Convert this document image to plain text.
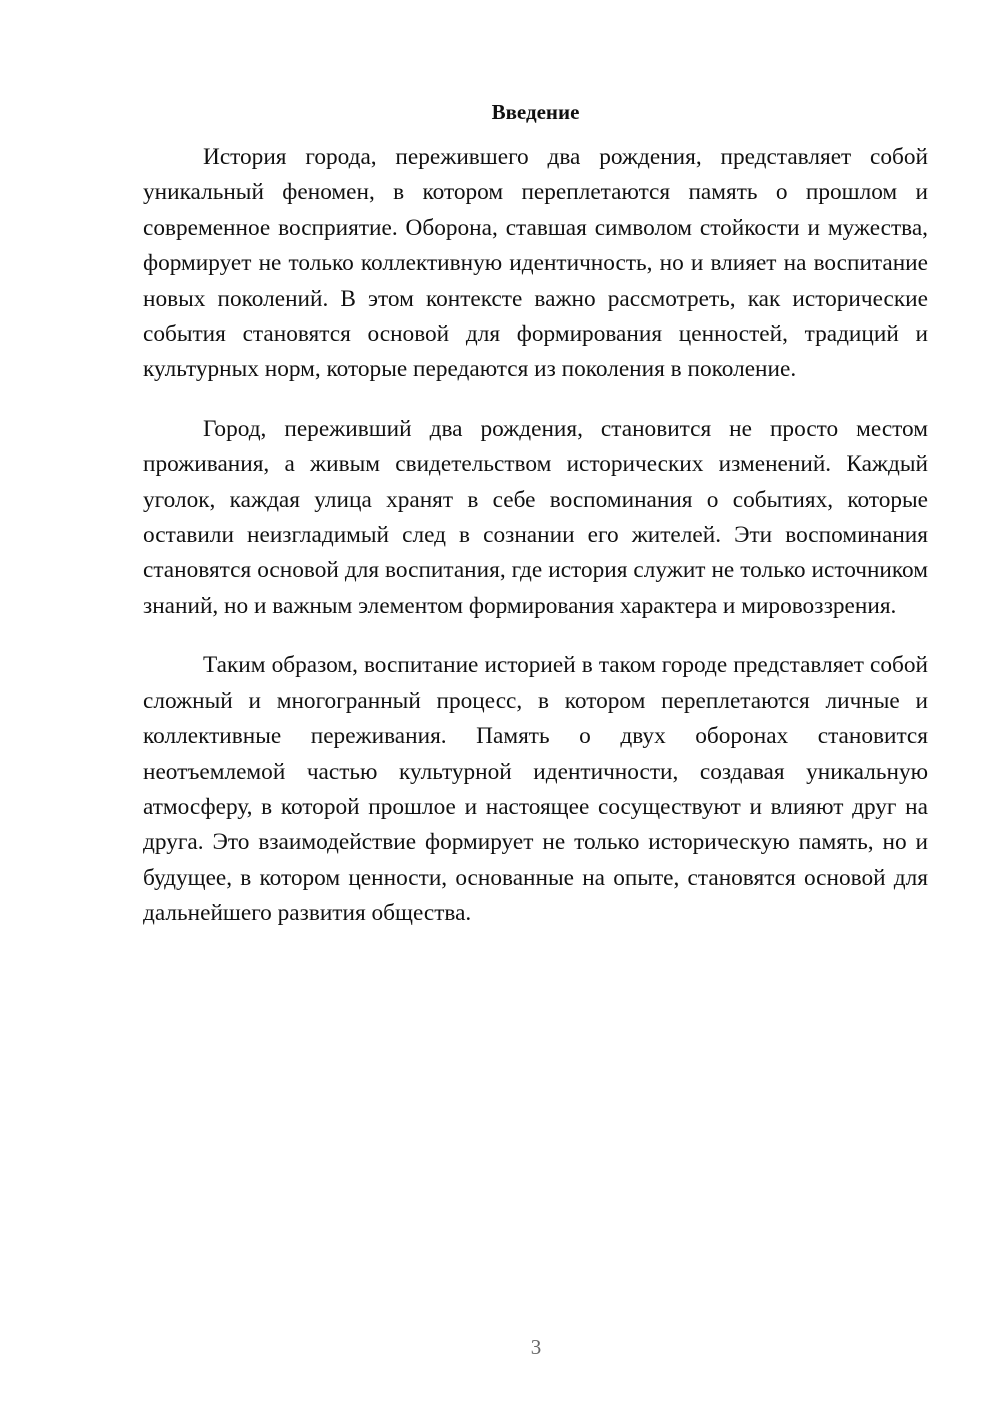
Введение

История города, пережившего два рождения, представляет собой уникальный феномен, в котором переплетаются память о прошлом и современное восприятие. Оборона, ставшая символом стойкости и мужества, формирует не только коллективную идентичность, но и влияет на воспитание новых поколений. В этом контексте важно рассмотреть, как исторические события становятся основой для формирования ценностей, традиций и культурных норм, которые передаются из поколения в поколение.

Город, переживший два рождения, становится не просто местом проживания, а живым свидетельством исторических изменений. Каждый уголок, каждая улица хранят в себе воспоминания о событиях, которые оставили неизгладимый след в сознании его жителей. Эти воспоминания становятся основой для воспитания, где история служит не только источником знаний, но и важным элементом формирования характера и мировоззрения.

Таким образом, воспитание историей в таком городе представляет собой сложный и многогранный процесс, в котором переплетаются личные и коллективные переживания. Память о двух оборонах становится неотъемлемой частью культурной идентичности, создавая уникальную атмосферу, в которой прошлое и настоящее сосуществуют и влияют друг на друга. Это взаимодействие формирует не только историческую память, но и будущее, в котором ценности, основанные на опыте, становятся основой для дальнейшего развития общества.

3
